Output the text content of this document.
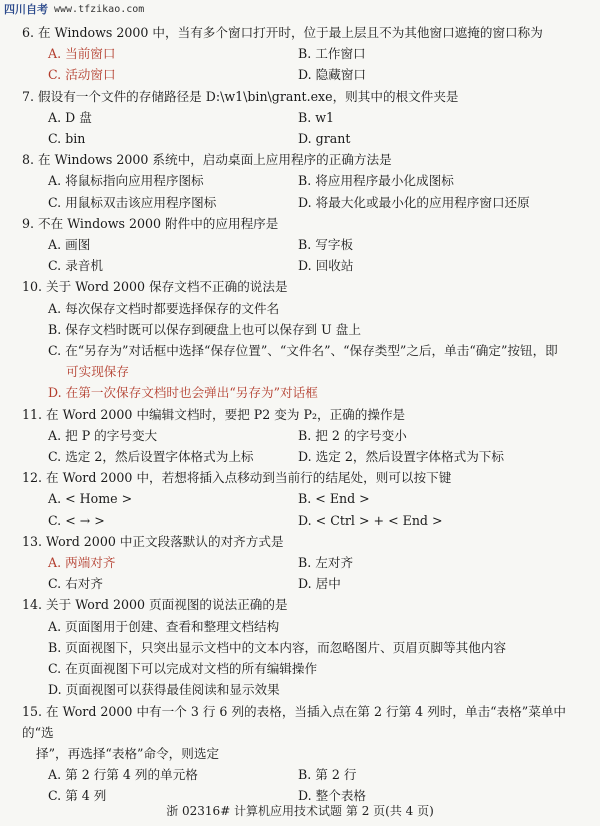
四川自考 www.tfzikao.com

6. 在 Windows 2000 中，当有多个窗口打开时，位于最上层且不为其他窗口遮掩的窗口称为

A. 当前窗口	B. 工作窗口
C. 活动窗口	D. 隐藏窗口

7. 假设有一个文件的存储路径是 D:\w1\bin\grant.exe，则其中的根文件夹是

A. D 盘	B. w1
C. bin	D. grant

8. 在 Windows 2000 系统中，启动桌面上应用程序的正确方法是

A. 将鼠标指向应用程序图标	B. 将应用程序最小化成图标
C. 用鼠标双击该应用程序图标	D. 将最大化或最小化的应用程序窗口还原

9. 不在 Windows 2000 附件中的应用程序是

A. 画图	B. 写字板
C. 录音机	D. 回收站

10. 关于 Word 2000 保存文档不正确的说法是

A. 每次保存文档时都要选择保存的文件名
B. 保存文档时既可以保存到硬盘上也可以保存到 U 盘上
C. 在“另存为”对话框中选择“保存位置”、“文件名”、“保存类型”之后，单击“确定”按钮，即
可实现保存
D. 在第一次保存文档时也会弹出“另存为”对话框

11. 在 Word 2000 中编辑文档时，要把 P2 变为 P₂，正确的操作是

A. 把 P 的字号变大	B. 把 2 的字号变小
C. 选定 2，然后设置字体格式为上标	D. 选定 2，然后设置字体格式为下标

12. 在 Word 2000 中，若想将插入点移动到当前行的结尾处，则可以按下键

A. < Home >	B. < End >
C. < → >	D. < Ctrl > + < End >

13. Word 2000 中正文段落默认的对齐方式是

A. 两端对齐	B. 左对齐
C. 右对齐	D. 居中

14. 关于 Word 2000 页面视图的说法正确的是

A. 页面图用于创建、查看和整理文档结构
B. 页面视图下，只突出显示文档中的文本内容，而忽略图片、页眉页脚等其他内容
C. 在页面视图下可以完成对文档的所有编辑操作
D. 页面视图可以获得最佳阅读和显示效果

15. 在 Word 2000 中有一个 3 行 6 列的表格，当插入点在第 2 行第 4 列时，单击“表格”菜单中的“选

择”，再选择“表格”命令，则选定

A. 第 2 行第 4 列的单元格	B. 第 2 行
C. 第 4 列	D. 整个表格
浙 02316# 计算机应用技术试题 第 2 页(共 4 页)
